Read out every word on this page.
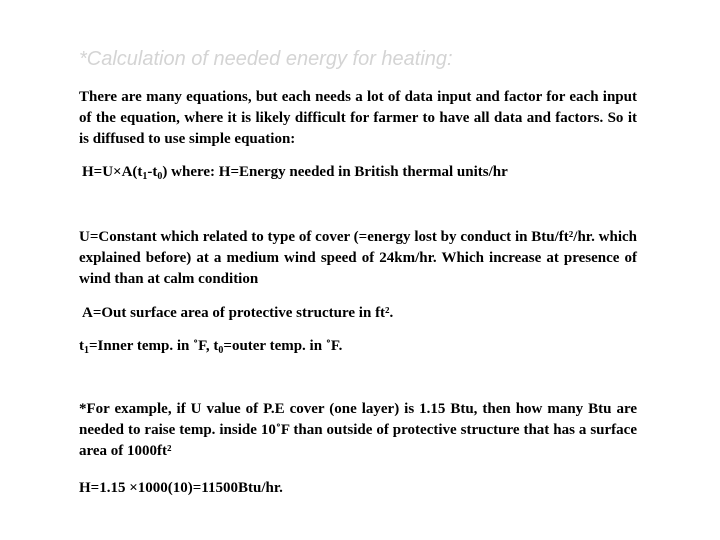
*Calculation of needed energy for heating:
There are many equations, but each needs a lot of data input and factor for each input of the equation, where it is likely difficult for farmer to have all data and factors. So it is diffused to use simple equation:
$H=U\times A(t_1-t_0)$ where: H=Energy needed in British thermal units/hr
U=Constant which related to type of cover (=energy lost by conduct in Btu/ft²/hr. which explained before) at a medium wind speed of 24km/hr. Which increase at presence of wind than at calm condition
A=Out surface area of protective structure in ft².
$t_1=Inner$ temp. in ˚F, $t_0=outer$ temp. in ˚F.
*For example, if U value of P.E cover (one layer) is 1.15 Btu, then how many Btu are needed to raise temp. inside 10˚F than outside of protective structure that has a surface area of 1000ft²
H=1.15 ×1000(10)=11500Btu/hr.
